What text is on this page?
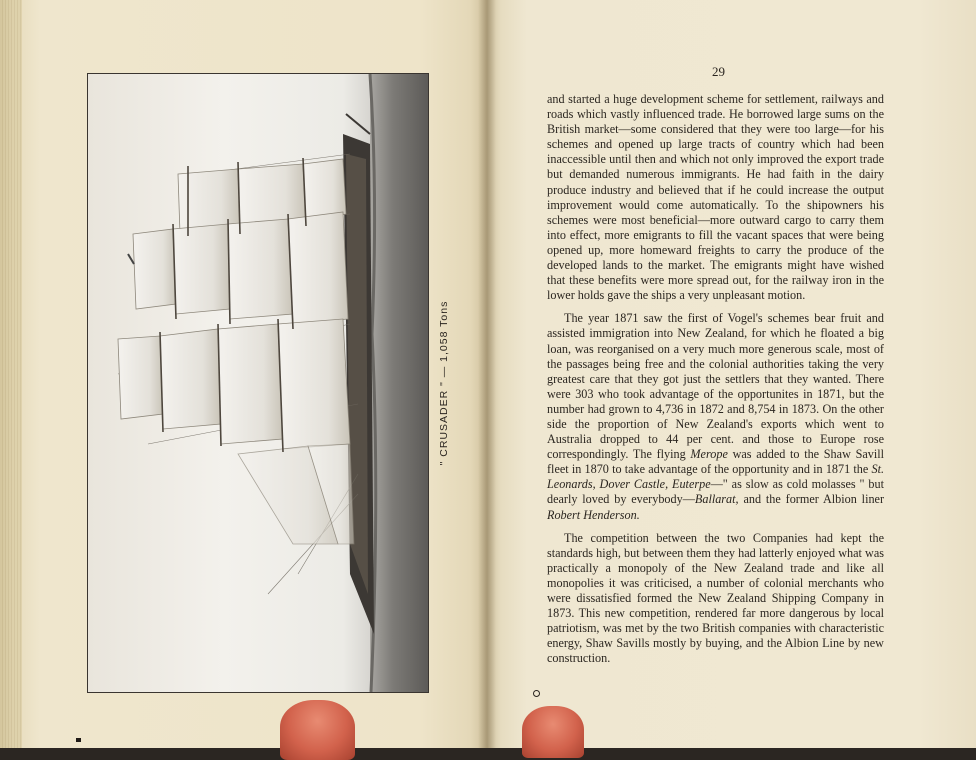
" CRUSADER " — 1,058 Tons
29

and started a huge development scheme for settlement, railways and roads which vastly influenced trade. He borrowed large sums on the British market—some considered that they were too large—for his schemes and opened up large tracts of country which had been inaccessible until then and which not only improved the export trade but demanded numerous immigrants. He had faith in the dairy produce industry and believed that if he could increase the output improvement would come automatically. To the shipowners his schemes were most beneficial—more outward cargo to carry them into effect, more emigrants to fill the vacant spaces that were being opened up, more homeward freights to carry the produce of the developed lands to the market. The emigrants might have wished that these benefits were more spread out, for the railway iron in the lower holds gave the ships a very unpleasant motion.

The year 1871 saw the first of Vogel's schemes bear fruit and assisted immigration into New Zealand, for which he floated a big loan, was reorganised on a very much more generous scale, most of the passages being free and the colonial authorities taking the very greatest care that they got just the settlers that they wanted. There were 303 who took advantage of the opportunites in 1871, but the number had grown to 4,736 in 1872 and 8,754 in 1873. On the other side the proportion of New Zealand's exports which went to Australia dropped to 44 per cent. and those to Europe rose correspondingly. The flying Merope was added to the Shaw Savill fleet in 1870 to take advantage of the opportunity and in 1871 the St. Leonards, Dover Castle, Euterpe—" as slow as cold molasses " but dearly loved by everybody—Ballarat, and the former Albion liner Robert Henderson.

The competition between the two Companies had kept the standards high, but between them they had latterly enjoyed what was practically a monopoly of the New Zealand trade and like all monopolies it was criticised, a number of colonial merchants who were dissatisfied formed the New Zealand Shipping Company in 1873. This new competition, rendered far more dangerous by local patriotism, was met by the two British companies with characteristic energy, Shaw Savills mostly by buying, and the Albion Line by new construction.
